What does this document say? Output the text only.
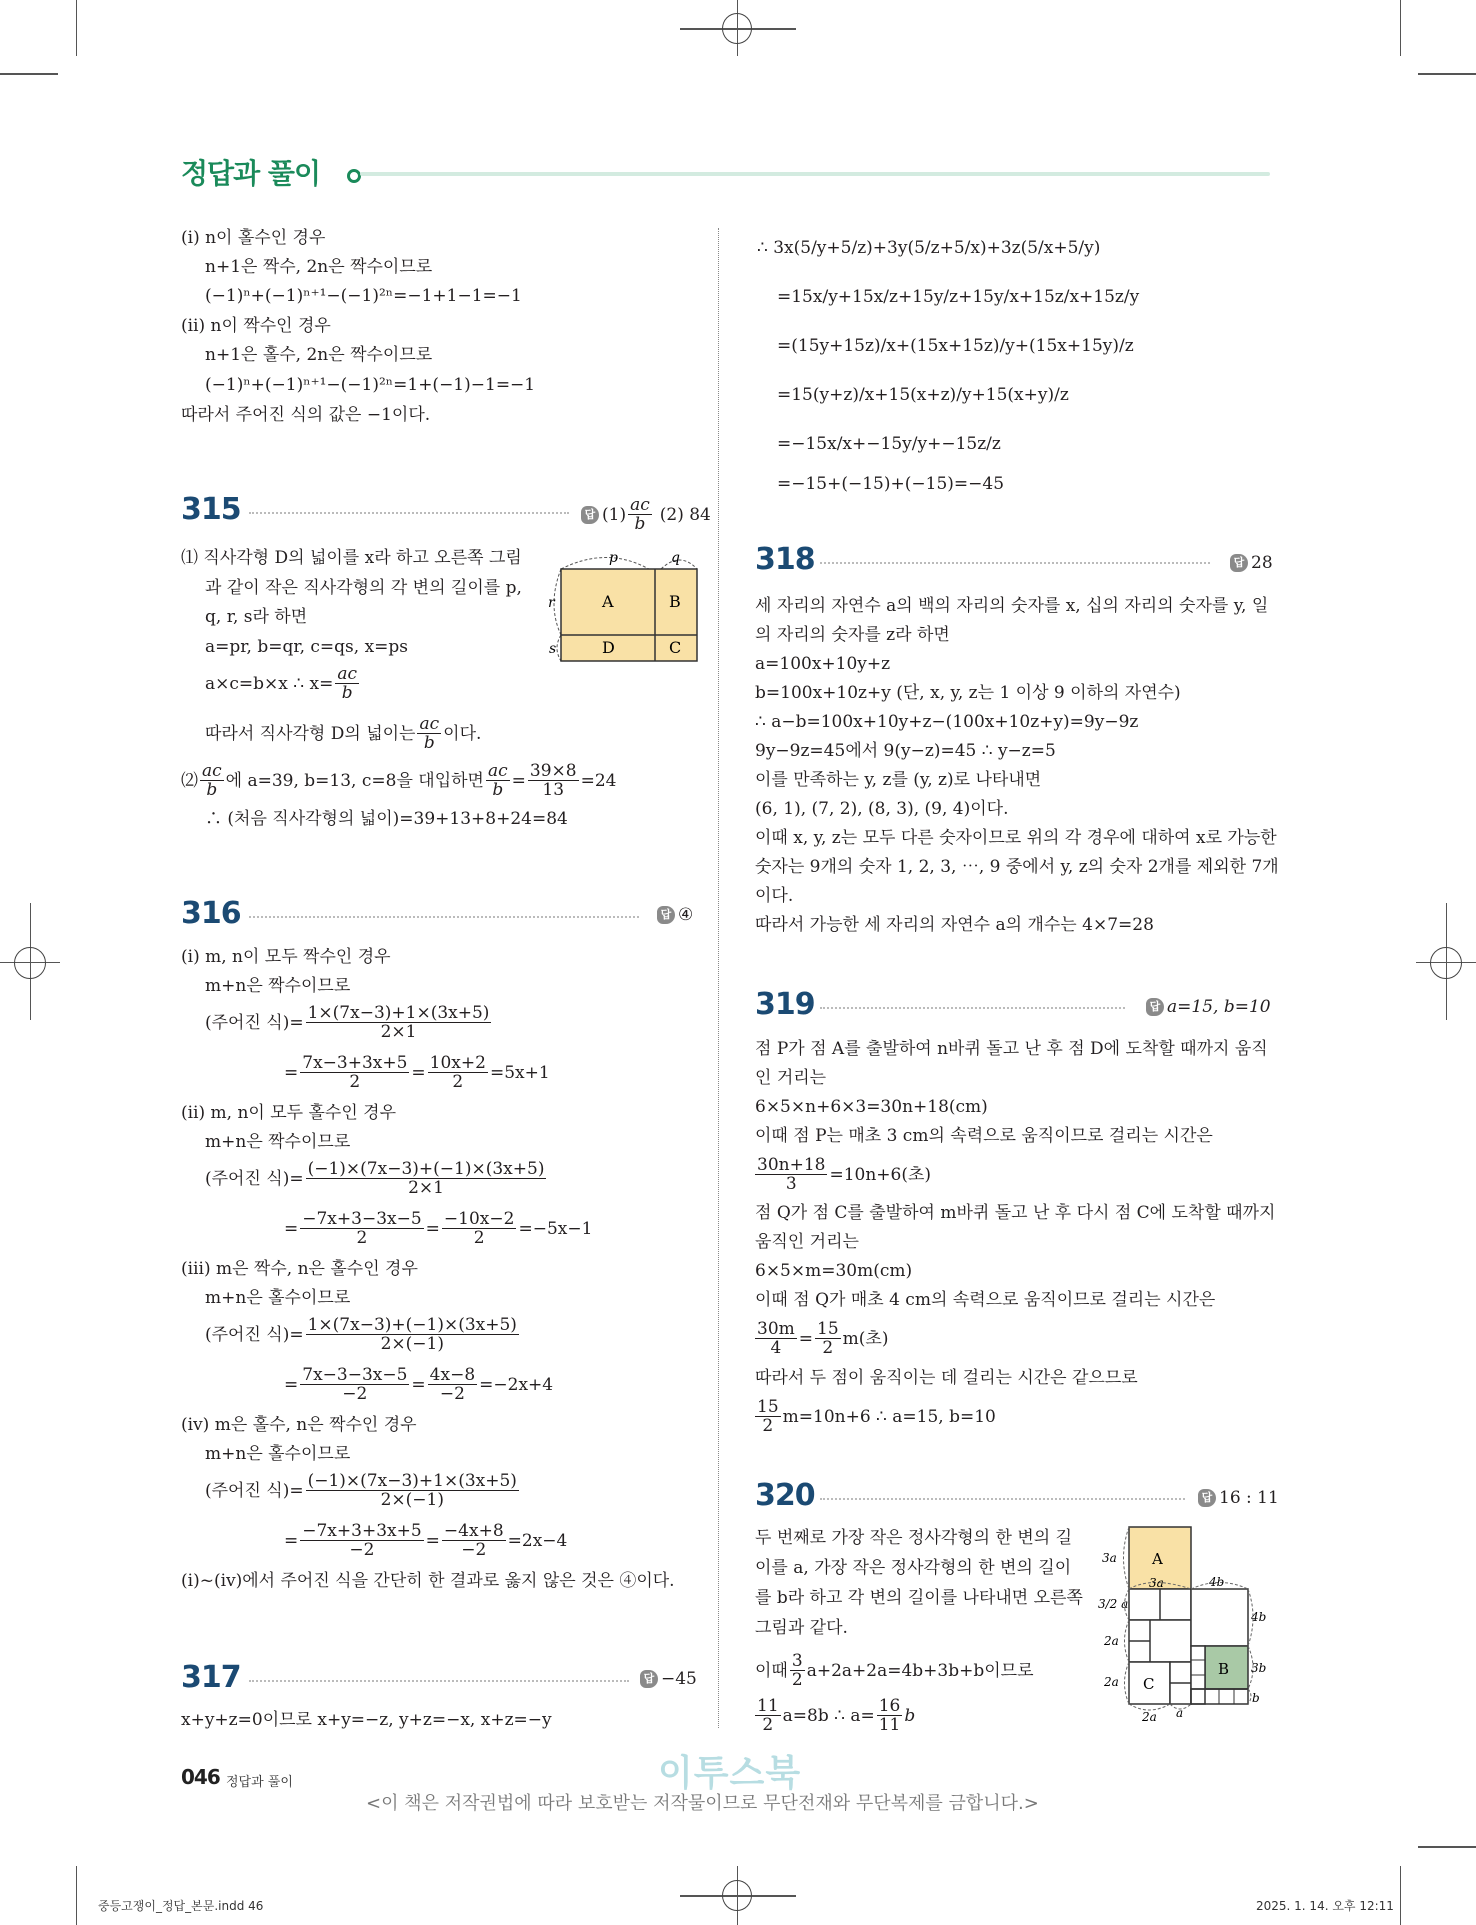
정답과 풀이
(ⅰ) n이 홀수인 경우
n+1은 짝수, 2n은 짝수이므로
(−1)ⁿ+(−1)ⁿ⁺¹−(−1)²ⁿ=−1+1−1=−1
(ⅱ) n이 짝수인 경우
n+1은 홀수, 2n은 짝수이므로
(−1)ⁿ+(−1)ⁿ⁺¹−(−1)²ⁿ=1+(−1)−1=−1
따라서 주어진 식의 값은 −1이다.
315	답 $(1) \frac{ac}{b} (2)$ 84
⑴ 직사각형 D의 넓이를 x라 하고 오른쪽 그림
과 같이 작은 직사각형의 각 변의 길이를 p,
q, r, s라 하면
a=pr, b=qr, c=qs, x=ps
a×c=b×x ∴ $x= \frac{ac}{b}$
따라서 직사각형 D의 넓이는 $\frac{ac}{b}$ 이다.
⑵ $\frac{ac}{b}$ 에 a=39, b=13, c=8을 대입하면 $\frac{ac}{b} = \frac{39\times 8}{13} =24$
∴ (처음 직사각형의 넓이)=39+13+8+24=84
p	q
r
s
A	B
D	C
316	답 ④
(ⅰ) m, n이 모두 짝수인 경우
m+n은 짝수이므로
(주어진 식)= $\frac{1\times(7x-3)+1\times(3x+5)}{2\times 1}$
= $\frac{7x-3+3x+5}{2} = \frac{10x+2}{2} =5x+1$
(ⅱ) m, n이 모두 홀수인 경우
m+n은 짝수이므로
(주어진 식)= $\frac{(-1)\times(7x-3)+(-1)\times(3x+5)}{2\times 1}$
= $\frac{-7x+3-3x-5}{2} = \frac{-10x-2}{2} =-5x-1$
(ⅲ) m은 짝수, n은 홀수인 경우
m+n은 홀수이므로
(주어진 식)= $\frac{1\times(7x-3)+(-1)\times(3x+5)}{2\times(-1)}$
= $\frac{7x-3-3x-5}{-2} = \frac{4x-8}{-2} =-2x+4$
(ⅳ) m은 홀수, n은 짝수인 경우
m+n은 홀수이므로
(주어진 식)= $\frac{(-1)\times(7x-3)+1\times(3x+5)}{2\times(-1)}$
= $\frac{-7x+3+3x+5}{-2} = \frac{-4x+8}{-2} =2x-4$
(ⅰ)~(ⅳ)에서 주어진 식을 간단히 한 결과로 옳지 않은 것은 ④이다.
317	답 −45
x+y+z=0이므로 x+y=−z, y+z=−x, x+z=−y
∴ 3x(5/y+5/z)+3y(5/z+5/x)+3z(5/x+5/y)
=15x/y+15x/z+15y/z+15y/x+15z/x+15z/y
=(15y+15z)/x+(15x+15z)/y+(15x+15y)/z
=15(y+z)/x+15(x+z)/y+15(x+y)/z
=−15x/x+−15y/y+−15z/z
=−15+(−15)+(−15)=−45
318	답 28
세 자리의 자연수 a의 백의 자리의 숫자를 x, 십의 자리의 숫자를 y, 일
의 자리의 숫자를 z라 하면
a=100x+10y+z
b=100x+10z+y (단, x, y, z는 1 이상 9 이하의 자연수)
∴ a−b=100x+10y+z−(100x+10z+y)=9y−9z
9y−9z=45에서 9(y−z)=45 ∴ y−z=5
이를 만족하는 y, z를 (y, z)로 나타내면
(6, 1), (7, 2), (8, 3), (9, 4)이다.
이때 x, y, z는 모두 다른 숫자이므로 위의 각 경우에 대하여 x로 가능한
숫자는 9개의 숫자 1, 2, 3, ⋯, 9 중에서 y, z의 숫자 2개를 제외한 7개
이다.
따라서 가능한 세 자리의 자연수 a의 개수는 4×7=28
319	답 a=15, b=10
점 P가 점 A를 출발하여 n바퀴 돌고 난 후 점 D에 도착할 때까지 움직
인 거리는
6×5×n+6×3=30n+18(cm)
이때 점 P는 매초 3 cm의 속력으로 움직이므로 걸리는 시간은
$\frac{30n+18}{3} =10n+6$(초)
점 Q가 점 C를 출발하여 m바퀴 돌고 난 후 다시 점 C에 도착할 때까지
움직인 거리는
6×5×m=30m(cm)
이때 점 Q가 매초 4 cm의 속력으로 움직이므로 걸리는 시간은
$\frac{30m}{4} = \frac{15}{2} m$(초)
따라서 두 점이 움직이는 데 걸리는 시간은 같으므로
$\frac{15}{2} m=10n+6$ ∴ a=15, b=10
320	답 16 : 11
두 번째로 가장 작은 정사각형의 한 변의 길
이를 a, 가장 작은 정사각형의 한 변의 길이
를 b라 하고 각 변의 길이를 나타내면 오른쪽
그림과 같다.
이때 $\frac{3}{2} a+2a+2a=4b+3b+b$이므로
$\frac{11}{2} a=8b$ ∴ $a= \frac{16}{11}$ b
A
B
C
3a
3a	4b
3/2 a
4b
2a
3b
2a
b
2a a
이투스북
046 정답과 풀이
<이 책은 저작권법에 따라 보호받는 저작물이므로 무단전재와 무단복제를 금합니다.>
중등고쟁이_정답_본문.indd 46	2025. 1. 14. 오후 12:11
